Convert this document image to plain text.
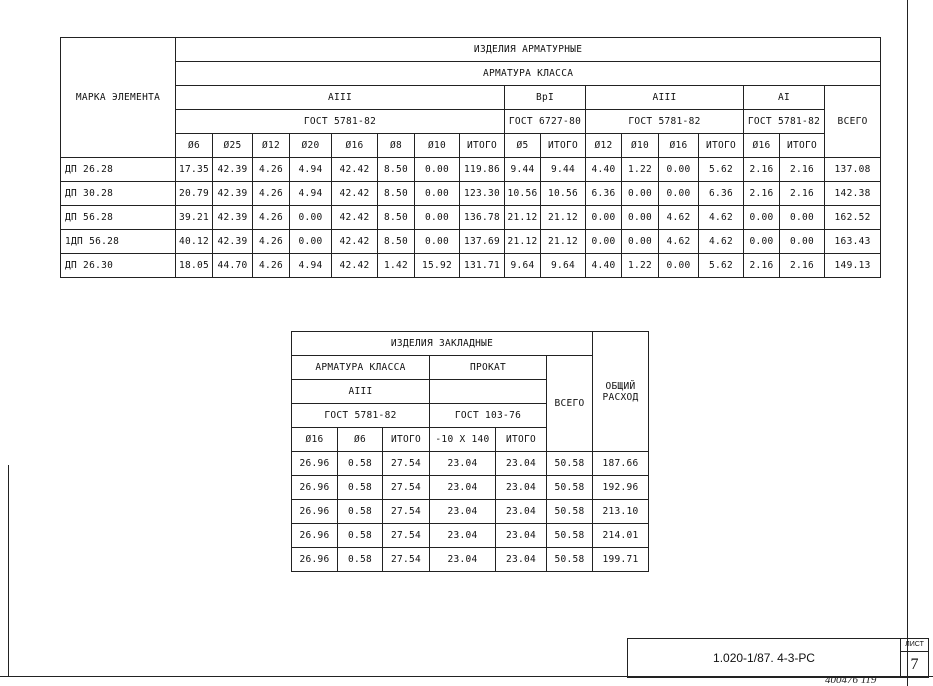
МАРКА ЭЛЕМЕНТА	ИЗДЕЛИЯ АРМАТУРНЫЕ																
	АРМАТУРА КЛАССА																
	АIII								ВрI		АIII				АI		ВСЕГО
	ГОСТ 5781-82								ГОСТ 6727-80		ГОСТ 5781-82				ГОСТ 5781-82		
	Ø6	Ø25	Ø12	Ø20	Ø16	Ø8	Ø10	ИТОГО	Ø5	ИТОГО	Ø12	Ø10	Ø16	ИТОГО	Ø16	ИТОГО	
ДП 26.28	17.35	42.39	4.26	4.94	42.42	8.50	0.00	119.86	9.44	9.44	4.40	1.22	0.00	5.62	2.16	2.16	137.08
ДП 30.28	20.79	42.39	4.26	4.94	42.42	8.50	0.00	123.30	10.56	10.56	6.36	0.00	0.00	6.36	2.16	2.16	142.38
ДП 56.28	39.21	42.39	4.26	0.00	42.42	8.50	0.00	136.78	21.12	21.12	0.00	0.00	4.62	4.62	0.00	0.00	162.52
1ДП 56.28	40.12	42.39	4.26	0.00	42.42	8.50	0.00	137.69	21.12	21.12	0.00	0.00	4.62	4.62	0.00	0.00	163.43
ДП 26.30	18.05	44.70	4.26	4.94	42.42	1.42	15.92	131.71	9.64	9.64	4.40	1.22	0.00	5.62	2.16	2.16	149.13
ИЗДЕЛИЯ ЗАКЛАДНЫЕ						ОБЩИЙ
РАСХОД

АРМАТУРА КЛАССА			ПРОКАТ		ВСЕГО	
АIII						
ГОСТ 5781-82			ГОСТ 103-76			
Ø16	Ø6	ИТОГО	-10 X 140	ИТОГО		
26.96	0.58	27.54	23.04	23.04	50.58	187.66
26.96	0.58	27.54	23.04	23.04	50.58	192.96
26.96	0.58	27.54	23.04	23.04	50.58	213.10
26.96	0.58	27.54	23.04	23.04	50.58	214.01
26.96	0.58	27.54	23.04	23.04	50.58	199.71
1.020-1/87. 4-3-РС
ЛИСТ
7
400476 119
